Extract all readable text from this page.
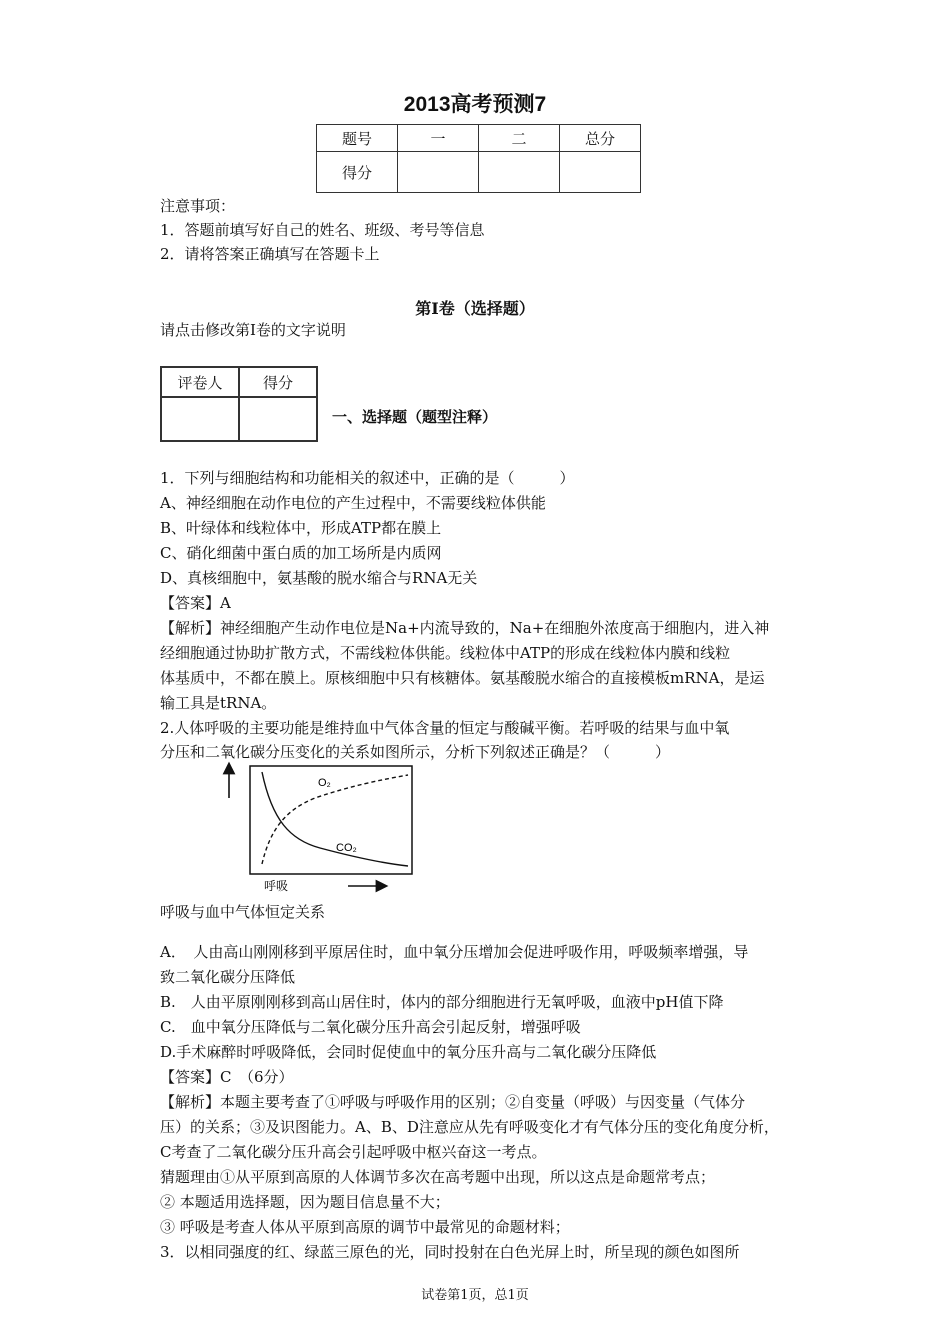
2013高考预测7
题号	一	二	总分
得分			
注意事项：
1．答题前填写好自己的姓名、班级、考号等信息
2．请将答案正确填写在答题卡上
第I卷（选择题）
请点击修改第I卷的文字说明
评卷人	得分

一、选择题（题型注释）
1．下列与细胞结构和功能相关的叙述中，正确的是（　　　）
A、神经细胞在动作电位的产生过程中，不需要线粒体供能
B、叶绿体和线粒体中，形成ATP都在膜上
C、硝化细菌中蛋白质的加工场所是内质网
D、真核细胞中，氨基酸的脱水缩合与RNA无关
【答案】A
【解析】神经细胞产生动作电位是Na+内流导致的，Na+在细胞外浓度高于细胞内，进入神
经细胞通过协助扩散方式，不需线粒体供能。线粒体中ATP的形成在线粒体内膜和线粒
体基质中，不都在膜上。原核细胞中只有核糖体。氨基酸脱水缩合的直接模板mRNA，是运
输工具是tRNA。
2.人体呼吸的主要功能是维持血中气体含量的恒定与酸碱平衡。若呼吸的结果与血中氧
分压和二氧化碳分压变化的关系如图所示，分析下列叙述正确是？（　　　）
O₂
CO₂
呼吸
呼吸与血中气体恒定关系
A．　人由高山刚刚移到平原居住时，血中氧分压增加会促进呼吸作用，呼吸频率增强，导
致二氧化碳分压降低
B.　人由平原刚刚移到高山居住时，体内的部分细胞进行无氧呼吸，血液中pH值下降
C.　血中氧分压降低与二氧化碳分压升高会引起反射，增强呼吸
D.手术麻醉时呼吸降低，会同时促使血中的氧分压升高与二氧化碳分压降低
【答案】C　（6分）
【解析】本题主要考查了①呼吸与呼吸作用的区别；②自变量（呼吸）与因变量（气体分
压）的关系；③及识图能力。A、B、D注意应从先有呼吸变化才有气体分压的变化角度分析，
C考查了二氧化碳分压升高会引起呼吸中枢兴奋这一考点。
猜题理由①从平原到高原的人体调节多次在高考题中出现，所以这点是命题常考点；
② 本题适用选择题，因为题目信息量不大；
③ 呼吸是考查人体从平原到高原的调节中最常见的命题材料；
3．以相同强度的红、绿蓝三原色的光，同时投射在白色光屏上时，所呈现的颜色如图所
试卷第1页，总1页
